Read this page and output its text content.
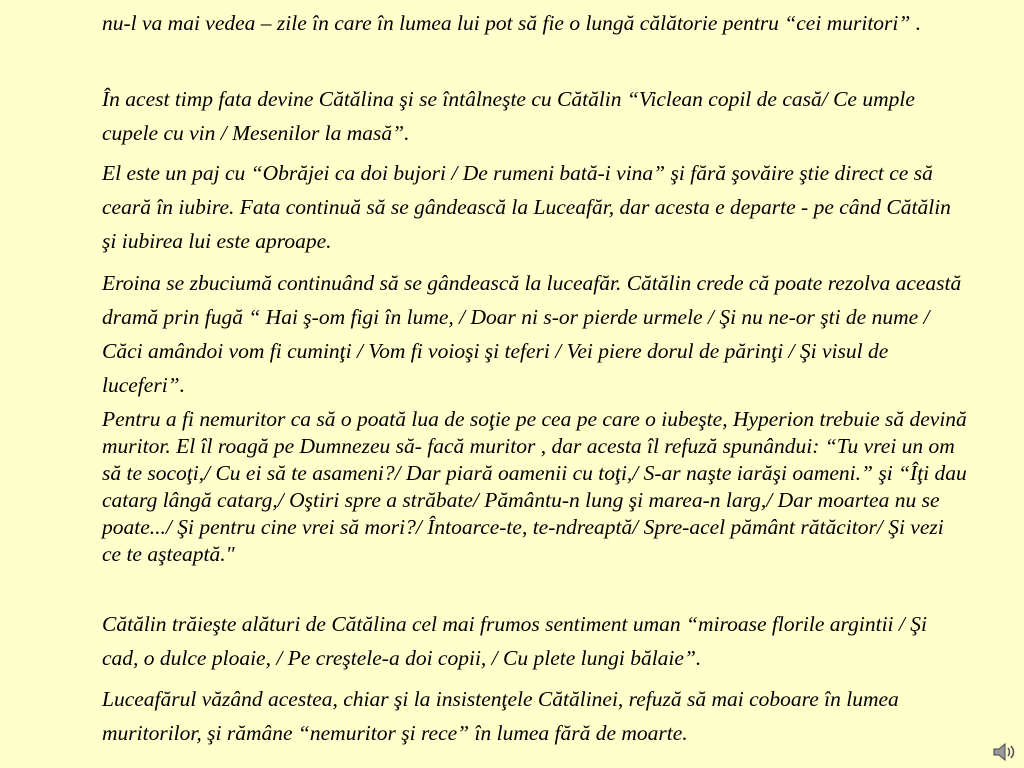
nu-l va mai vedea – zile în care în lumea lui pot să fie o lungă călătorie pentru “cei muritori” .

În acest timp fata devine Cătălina şi se întâlneşte cu Cătălin “Viclean copil de casă/ Ce umple cupele cu vin / Mesenilor la masă”.

El este un paj cu “Obrăjei ca doi bujori / De rumeni bată-i vina” şi fără şovăire ştie direct ce să ceară în iubire. Fata continuă să se gândească la Luceafăr, dar acesta e departe - pe când Cătălin şi iubirea lui este aproape.

Eroina se zbuciumă continuând să se gândească la luceafăr. Cătălin crede că poate rezolva această dramă prin fugă “ Hai ş-om figi în lume, / Doar ni s-or pierde urmele / Şi nu ne-or şti de nume / Căci amândoi vom fi cuminţi / Vom fi voioşi şi teferi / Vei piere dorul de părinţi / Şi visul de luceferi”.

Pentru a fi nemuritor ca să o poată lua de soţie pe cea pe care o iubeşte, Hyperion trebuie să devină muritor. El îl roagă pe Dumnezeu să- facă muritor , dar acesta îl refuză spunândui: “Tu vrei un om să te socoţi,/ Cu ei să te asameni?/ Dar piară oamenii cu toţi,/ S-ar naşte iarăşi oameni.” şi “Îţi dau catarg lângă catarg,/ Oştiri spre a străbate/ Pământu-n lung şi marea-n larg,/ Dar moartea nu se poate.../ Şi pentru cine vrei să mori?/ Întoarce-te, te-ndreaptă/ Spre-acel pământ rătăcitor/ Şi vezi ce te aşteaptă."

Cătălin trăieşte alături de Cătălina cel mai frumos sentiment uman “miroase florile argintii / Şi cad, o dulce ploaie, / Pe creştele-a doi copii, / Cu plete lungi bălaie”.

Luceafărul văzând acestea, chiar şi la insistenţele Cătălinei, refuză să mai coboare în lumea muritorilor, şi rămâne “nemuritor şi rece” în lumea fără de moarte.
